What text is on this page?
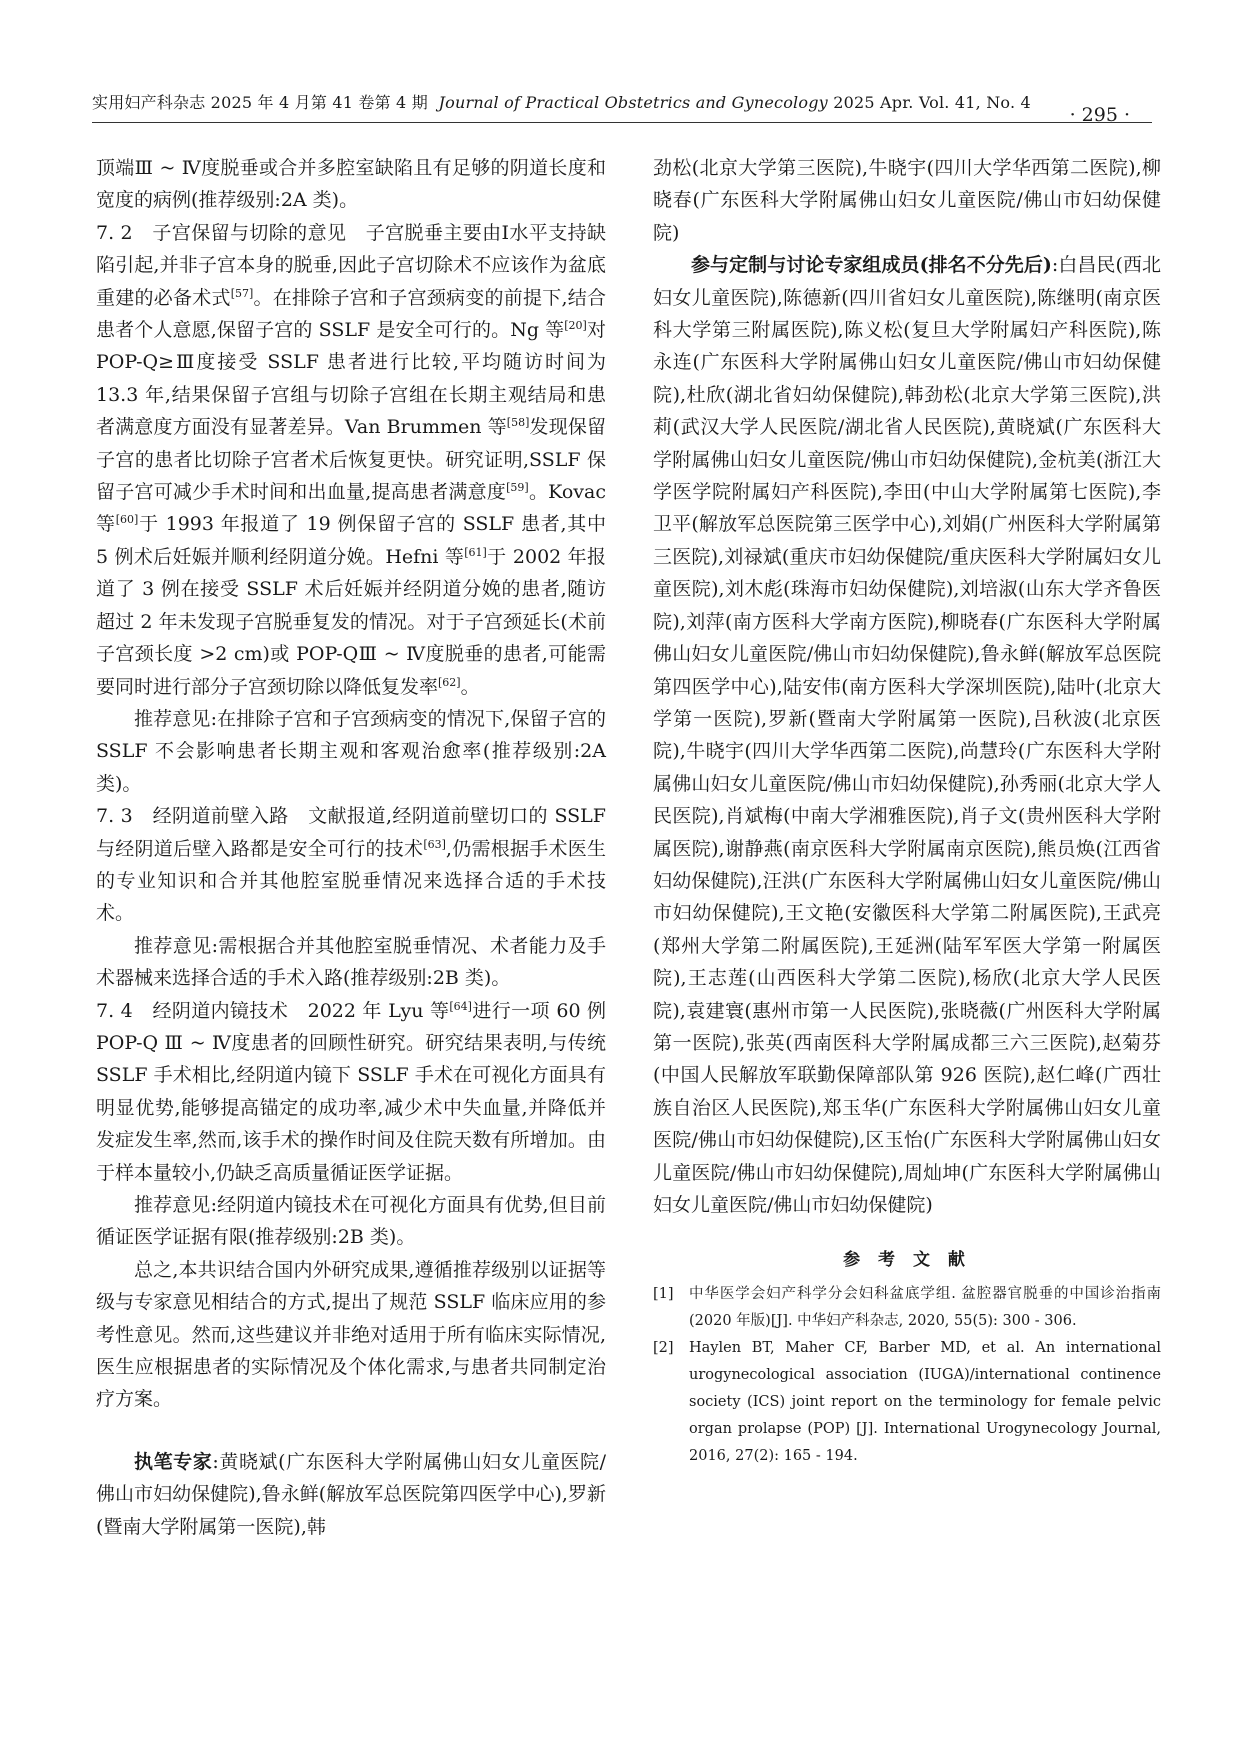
实用妇产科杂志 2025 年 4 月第 41 卷第 4 期 Journal of Practical Obstetrics and Gynecology 2025 Apr. Vol. 41, No. 4
· 295 ·

顶端Ⅲ ~ Ⅳ度脱垂或合并多腔室缺陷且有足够的阴道长度和宽度的病例(推荐级别:2A 类)。

7. 2　子宫保留与切除的意见　子宫脱垂主要由Ⅰ水平支持缺陷引起,并非子宫本身的脱垂,因此子宫切除术不应该作为盆底重建的必备术式[57]。在排除子宫和子宫颈病变的前提下,结合患者个人意愿,保留子宫的 SSLF 是安全可行的。Ng 等[20]对 POP-Q≥Ⅲ度接受 SSLF 患者进行比较,平均随访时间为 13.3 年,结果保留子宫组与切除子宫组在长期主观结局和患者满意度方面没有显著差异。Van Brummen 等[58]发现保留子宫的患者比切除子宫者术后恢复更快。研究证明,SSLF 保留子宫可减少手术时间和出血量,提高患者满意度[59]。Kovac 等[60]于 1993 年报道了 19 例保留子宫的 SSLF 患者,其中 5 例术后妊娠并顺利经阴道分娩。Hefni 等[61]于 2002 年报道了 3 例在接受 SSLF 术后妊娠并经阴道分娩的患者,随访超过 2 年未发现子宫脱垂复发的情况。对于子宫颈延长(术前子宫颈长度 >2 cm)或 POP-QⅢ ~ Ⅳ度脱垂的患者,可能需要同时进行部分子宫颈切除以降低复发率[62]。

推荐意见:在排除子宫和子宫颈病变的情况下,保留子宫的 SSLF 不会影响患者长期主观和客观治愈率(推荐级别:2A 类)。

7. 3　经阴道前壁入路　文献报道,经阴道前壁切口的 SSLF 与经阴道后壁入路都是安全可行的技术[63],仍需根据手术医生的专业知识和合并其他腔室脱垂情况来选择合适的手术技术。

推荐意见:需根据合并其他腔室脱垂情况、术者能力及手术器械来选择合适的手术入路(推荐级别:2B 类)。

7. 4　经阴道内镜技术　2022 年 Lyu 等[64]进行一项 60 例 POP-Q Ⅲ ~ Ⅳ度患者的回顾性研究。研究结果表明,与传统 SSLF 手术相比,经阴道内镜下 SSLF 手术在可视化方面具有明显优势,能够提高锚定的成功率,减少术中失血量,并降低并发症发生率,然而,该手术的操作时间及住院天数有所增加。由于样本量较小,仍缺乏高质量循证医学证据。

推荐意见:经阴道内镜技术在可视化方面具有优势,但目前循证医学证据有限(推荐级别:2B 类)。

总之,本共识结合国内外研究成果,遵循推荐级别以证据等级与专家意见相结合的方式,提出了规范 SSLF 临床应用的参考性意见。然而,这些建议并非绝对适用于所有临床实际情况,医生应根据患者的实际情况及个体化需求,与患者共同制定治疗方案。

执笔专家:黄晓斌(广东医科大学附属佛山妇女儿童医院/佛山市妇幼保健院),鲁永鲜(解放军总医院第四医学中心),罗新(暨南大学附属第一医院),韩

劲松(北京大学第三医院),牛晓宇(四川大学华西第二医院),柳晓春(广东医科大学附属佛山妇女儿童医院/佛山市妇幼保健院)

参与定制与讨论专家组成员(排名不分先后):白昌民(西北妇女儿童医院),陈德新(四川省妇女儿童医院),陈继明(南京医科大学第三附属医院),陈义松(复旦大学附属妇产科医院),陈永连(广东医科大学附属佛山妇女儿童医院/佛山市妇幼保健院),杜欣(湖北省妇幼保健院),韩劲松(北京大学第三医院),洪莉(武汉大学人民医院/湖北省人民医院),黄晓斌(广东医科大学附属佛山妇女儿童医院/佛山市妇幼保健院),金杭美(浙江大学医学院附属妇产科医院),李田(中山大学附属第七医院),李卫平(解放军总医院第三医学中心),刘娟(广州医科大学附属第三医院),刘禄斌(重庆市妇幼保健院/重庆医科大学附属妇女儿童医院),刘木彪(珠海市妇幼保健院),刘培淑(山东大学齐鲁医院),刘萍(南方医科大学南方医院),柳晓春(广东医科大学附属佛山妇女儿童医院/佛山市妇幼保健院),鲁永鲜(解放军总医院第四医学中心),陆安伟(南方医科大学深圳医院),陆叶(北京大学第一医院),罗新(暨南大学附属第一医院),吕秋波(北京医院),牛晓宇(四川大学华西第二医院),尚慧玲(广东医科大学附属佛山妇女儿童医院/佛山市妇幼保健院),孙秀丽(北京大学人民医院),肖斌梅(中南大学湘雅医院),肖子文(贵州医科大学附属医院),谢静燕(南京医科大学附属南京医院),熊员焕(江西省妇幼保健院),汪洪(广东医科大学附属佛山妇女儿童医院/佛山市妇幼保健院),王文艳(安徽医科大学第二附属医院),王武亮(郑州大学第二附属医院),王延洲(陆军军医大学第一附属医院),王志莲(山西医科大学第二医院),杨欣(北京大学人民医院),袁建寰(惠州市第一人民医院),张晓薇(广州医科大学附属第一医院),张英(西南医科大学附属成都三六三医院),赵菊芬(中国人民解放军联勤保障部队第 926 医院),赵仁峰(广西壮族自治区人民医院),郑玉华(广东医科大学附属佛山妇女儿童医院/佛山市妇幼保健院),区玉怡(广东医科大学附属佛山妇女儿童医院/佛山市妇幼保健院),周灿坤(广东医科大学附属佛山妇女儿童医院/佛山市妇幼保健院)

参 考 文 献
[1]	中华医学会妇产科学分会妇科盆底学组. 盆腔器官脱垂的中国诊治指南(2020 年版)[J]. 中华妇产科杂志, 2020, 55(5): 300 - 306.
[2]	Haylen BT, Maher CF, Barber MD, et al. An international urogynecological association (IUGA)/international continence society (ICS) joint report on the terminology for female pelvic organ prolapse (POP) [J]. International Urogynecology Journal, 2016, 27(2): 165 - 194.
